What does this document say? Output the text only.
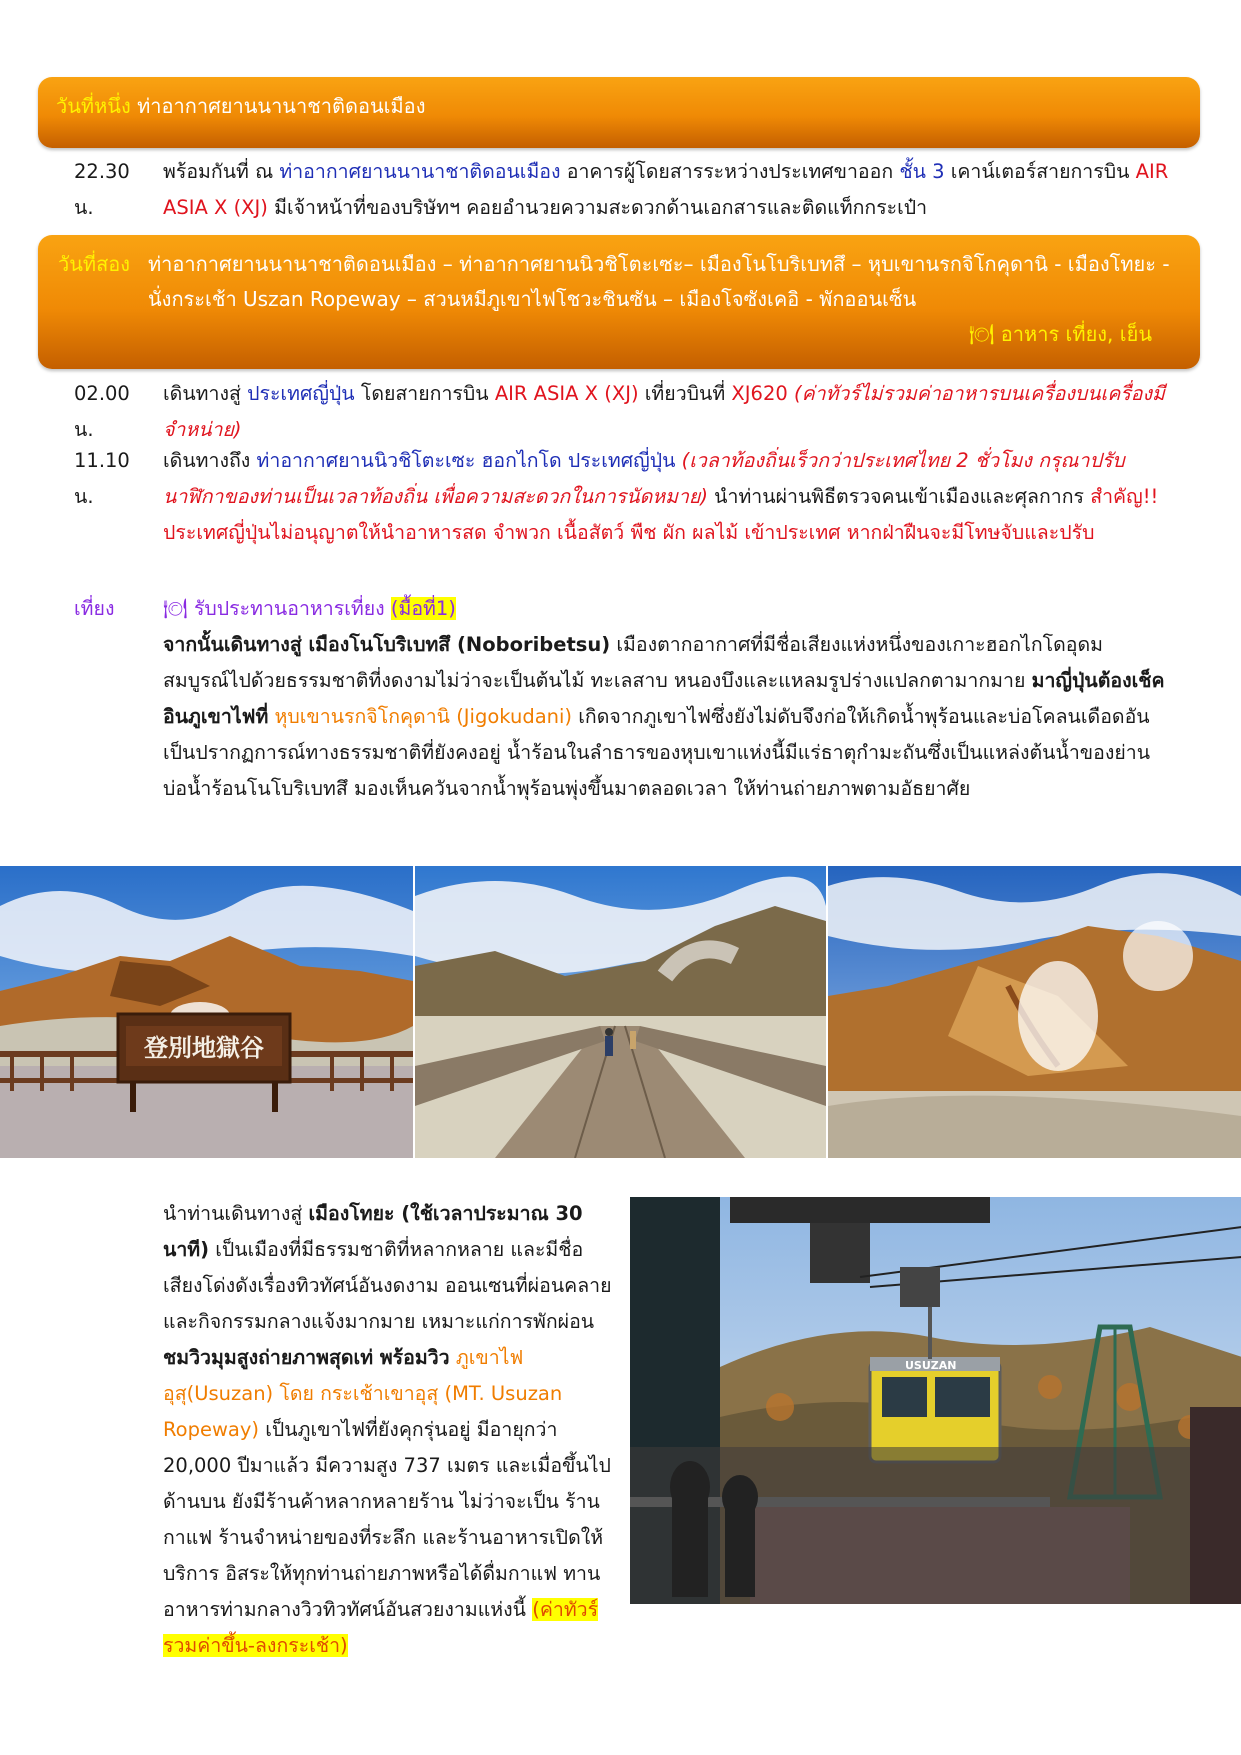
วันที่หนึ่ง ท่าอากาศยานนานาชาติดอนเมือง
22.30 น.
พร้อมกันที่ ณ ท่าอากาศยานนานาชาติดอนเมือง อาคารผู้โดยสารระหว่างประเทศขาออก ชั้น 3 เคาน์เตอร์สายการบิน AIR ASIA X (XJ) มีเจ้าหน้าที่ของบริษัทฯ คอยอำนวยความสะดวกด้านเอกสารและติดแท็กกระเป๋า
วันที่สอง ท่าอากาศยานนานาชาติดอนเมือง – ท่าอากาศยานนิวชิโตะเซะ– เมืองโนโบริเบทสึ – หุบเขานรกจิโกคุดานิ - เมืองโทยะ - นั่งกระเช้า Uszan Ropeway – สวนหมีภูเขาไฟโชวะชินซัน – เมืองโจซังเคอิ - พักออนเซ็น
🍽 อาหาร เที่ยง, เย็น
02.00 น.
เดินทางสู่ ประเทศญี่ปุ่น โดยสายการบิน AIR ASIA X (XJ) เที่ยวบินที่ XJ620 (ค่าทัวร์ไม่รวมค่าอาหารบนเครื่องบนเครื่องมีจำหน่าย)
11.10 น.
เดินทางถึง ท่าอากาศยานนิวชิโตะเซะ ฮอกไกโด ประเทศญี่ปุ่น (เวลาท้องถิ่นเร็วกว่าประเทศไทย 2 ชั่วโมง กรุณาปรับนาฬิกาของท่านเป็นเวลาท้องถิ่น เพื่อความสะดวกในการนัดหมาย) นำท่านผ่านพิธีตรวจคนเข้าเมืองและศุลกากร สำคัญ!! ประเทศญี่ปุ่นไม่อนุญาตให้นำอาหารสด จำพวก เนื้อสัตว์ พืช ผัก ผลไม้ เข้าประเทศ หากฝ่าฝืนจะมีโทษจับและปรับ
เที่ยง 🍽 รับประทานอาหารเที่ยง (มื้อที่1)
จากนั้นเดินทางสู่ เมืองโนโบริเบทสึ (Noboribetsu) เมืองตากอากาศที่มีชื่อเสียงแห่งหนึ่งของเกาะฮอกไกโดอุดมสมบูรณ์ไปด้วยธรรมชาติที่งดงามไม่ว่าจะเป็นต้นไม้ ทะเลสาบ หนองบึงและแหลมรูปร่างแปลกตามากมาย มาญี่ปุ่นต้องเช็คอินภูเขาไฟที่ หุบเขานรกจิโกคุดานิ (Jigokudani) เกิดจากภูเขาไฟซึ่งยังไม่ดับจึงก่อให้เกิดน้ำพุร้อนและบ่อโคลนเดือดอันเป็นปรากฏการณ์ทางธรรมชาติที่ยังคงอยู่ น้ำร้อนในลำธารของหุบเขาแห่งนี้มีแร่ธาตุกำมะถันซึ่งเป็นแหล่งต้นน้ำของย่านบ่อน้ำร้อนโนโบริเบทสึ มองเห็นควันจากน้ำพุร้อนพุ่งขึ้นมาตลอดเวลา ให้ท่านถ่ายภาพตามอัธยาศัย
登別地獄谷
นำท่านเดินทางสู่ เมืองโทยะ (ใช้เวลาประมาณ 30 นาที) เป็นเมืองที่มีธรรมชาติที่หลากหลาย และมีชื่อเสียงโด่งดังเรื่องทิวทัศน์อันงดงาม ออนเซนที่ผ่อนคลาย และกิจกรรมกลางแจ้งมากมาย เหมาะแก่การพักผ่อน ชมวิวมุมสูงถ่ายภาพสุดเท่ พร้อมวิว ภูเขาไฟอุสุ(Usuzan) โดย กระเช้าเขาอุสุ (MT. Usuzan Ropeway) เป็นภูเขาไฟที่ยังคุกรุ่นอยู่ มีอายุกว่า 20,000 ปีมาแล้ว มีความสูง 737 เมตร และเมื่อขึ้นไปด้านบน ยังมีร้านค้าหลากหลายร้าน ไม่ว่าจะเป็น ร้านกาแฟ ร้านจำหน่ายของที่ระลึก และร้านอาหารเปิดให้บริการ อิสระให้ทุกท่านถ่ายภาพหรือได้ดื่มกาแฟ ทานอาหารท่ามกลางวิวทิวทัศน์อันสวยงามแห่งนี้ (ค่าทัวร์รวมค่าขึ้น-ลงกระเช้า)
USUZAN
